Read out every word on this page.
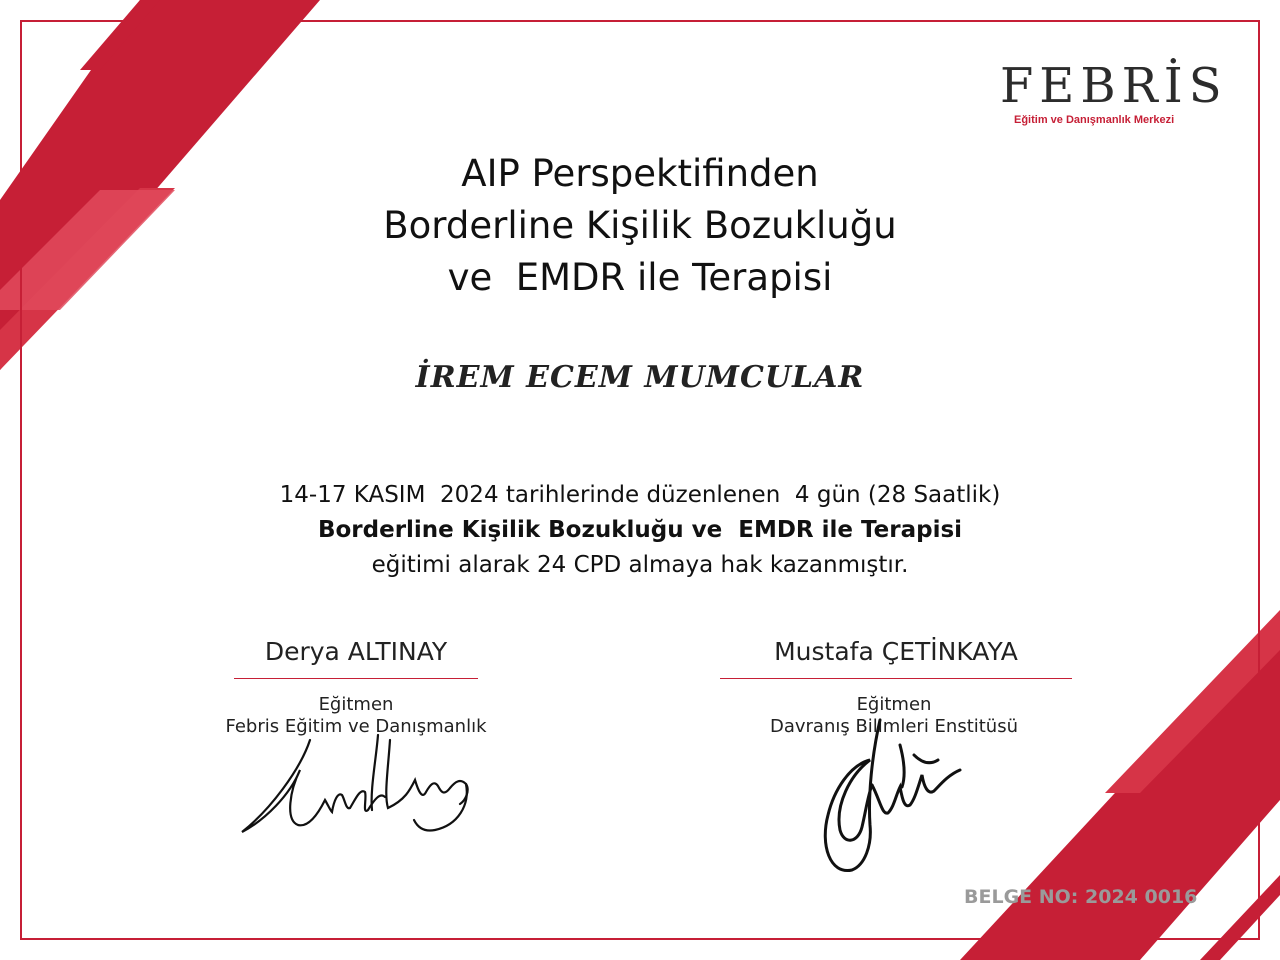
FEBRİS
Eğitim ve Danışmanlık Merkezi
AIP Perspektifinden
Borderline Kişilik Bozukluğu
ve  EMDR ile Terapisi
İREM ECEM MUMCULAR
14-17 KASIM  2024 tarihlerinde düzenlenen  4 gün (28 Saatlik)
Borderline Kişilik Bozukluğu ve  EMDR ile Terapisi
eğitimi alarak 24 CPD almaya hak kazanmıştır.
Derya ALTINAY
Eğitmen
Febris Eğitim ve Danışmanlık
Mustafa ÇETİNKAYA
Eğitmen
Davranış Bilimleri Enstitüsü
BELGE NO: 2024 0016
